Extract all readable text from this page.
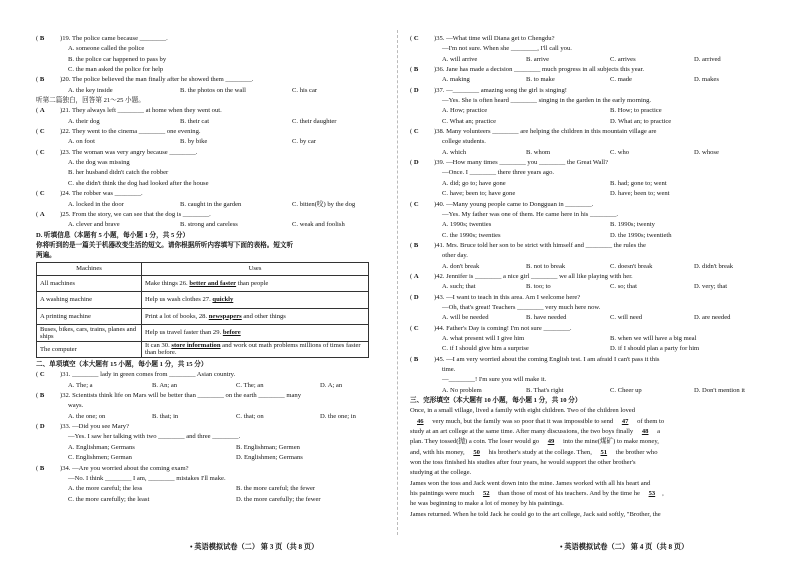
( B )19. The police came because ________.
A. someone called the police
B. the police car happened to pass by
C. the man asked the police for help
( B )20. The police believed the man finally after he showed them ________.
A. the key inside	B. the photos on the wall	C. his car
听第二篇独白，回答第 21～25 小题。
( A )21. They always left ________ at home when they went out.
A. their dog	B. their cat	C. their daughter
( C )22. They went to the cinema ________ one evening.
A. on foot	B. by bike	C. by car
( C )23. The woman was very angry because ________.
A. the dog was missing
B. her husband didn't catch the robber
C. she didn't think the dog had looked after the house
( C )24. The robber was ________.
A. locked in the door	B. caught in the garden	C. bitten(咬) by the dog
( A )25. From the story, we can see that the dog is ________.
A. clever and brave	B. strong and careless	C. weak and foolish
D. 听填信息（本题有 5 小题，每小题 1 分，共 5 分）
你将听到的是一篇关于机器改变生活的短文。请你根据所听内容填写下面的表格。短文听
两遍。
Machines	Uses
All machines	Make things 26. better and faster than people
A washing machine	Help us wash clothes 27. quickly
A printing machine	Print a lot of books, 28. newspapers and other things
Buses, bikes, cars, trains, planes and ships	Help us travel faster than 29. before
The computer	It can 30. store information and work out math problems millions of times faster than before.
二、单项填空（本大题有 15 小题，每小题 1 分，共 15 分）
( C )31. ________ lady in green comes from ________ Asian country.
A. The; a	B. An; an	C. The; an	D. A; an
( B )32. Scientists think life on Mars will be better than ________ on the earth ________ many
ways.
A. the one; on	B. that; in	C. that; on	D. the one; in
( D )33. —Did you see Mary?
—Yes. I saw her talking with two ________ and three ________.
A. Englishman; Germans	B. Englishman; Germen
C. Englishmen; German	D. Englishmen; Germans
( B )34. —Are you worried about the coming exam?
—No. I think ________ I am, ________ mistakes I'll make.
A. the more careful; the less	B. the more careful; the fewer
C. the more carefully; the least	D. the more carefully; the fewer
( C )35. —What time will Diana get to Chengdu?
—I'm not sure. When she ________, I'll call you.
A. will arrive	B. arrive	C. arrives	D. arrived
( B )36. Jane has made a decision ________ much progress in all subjects this year.
A. making	B. to make	C. made	D. makes
( D )37. —________ amazing song the girl is singing!
—Yes. She is often heard ________ singing in the garden in the early morning.
A. How; practice	B. How; to practice
C. What an; practice	D. What an; to practice
( C )38. Many volunteers ________ are helping the children in this mountain village are
college students.
A. which	B. whom	C. who	D. whose
( D )39. —How many times ________ you ________ the Great Wall?
—Once. I ________ there three years ago.
A. did; go to; have gone	B. had; gone to; went
C. have; been to; have gone	D. have; been to; went
( C )40. —Many young people came to Dongguan in ________.
—Yes. My father was one of them. He came here in his ________.
A. 1990s; twenties	B. 1990s; twenty
C. the 1990s; twenties	D. the 1990s; twentieth
( B )41. Mrs. Bruce told her son to be strict with himself and ________ the rules the
other day.
A. don't break	B. not to break	C. doesn't break	D. didn't break
( A )42. Jennifer is ________ a nice girl ________ we all like playing with her.
A. such; that	B. too; to	C. so; that	D. very; that
( D )43. —I want to teach in this area. Am I welcome here?
—Oh, that's great! Teachers ________ very much here now.
A. will be needed	B. have needed	C. will need	D. are needed
( C )44. Father's Day is coming! I'm not sure ________.
A. what present will I give him	B. when we will have a big meal
C. if I should give him a surprise	D. if I should plan a party for him
( B )45. —I am very worried about the coming English test. I am afraid I can't pass it this
time.
—________! I'm sure you will make it.
A. No problem	B. That's right	C. Cheer up	D. Don't mention it
三、完形填空（本大题有 10 小题，每小题 1 分，共 10 分）
Once, in a small village, lived a family with eight children. Two of the children loved
46 very much, but the family was so poor that it was impossible to send 47 of them to
study at an art college at the same time. After many discussions, the two boys finally 48 a
plan. They tossed(抛) a coin. The loser would go 49 into the mine(煤矿) to make money,
and, with his money, 50 his brother's study at the college. Then, 51 the brother who
won the toss finished his studies after four years, he would support the other brother's
studying at the college.
James won the toss and Jack went down into the mine. James worked with all his heart and
his paintings were much 52 than those of most of his teachers. And by the time he 53 ,
he was beginning to make a lot of money by his paintings.
James returned. When he told Jack he could go to the art college, Jack said softly, "Brother, the
• 英语模拟试卷（二） 第 3 页（共 8 页）	• 英语模拟试卷（二） 第 4 页（共 8 页）
